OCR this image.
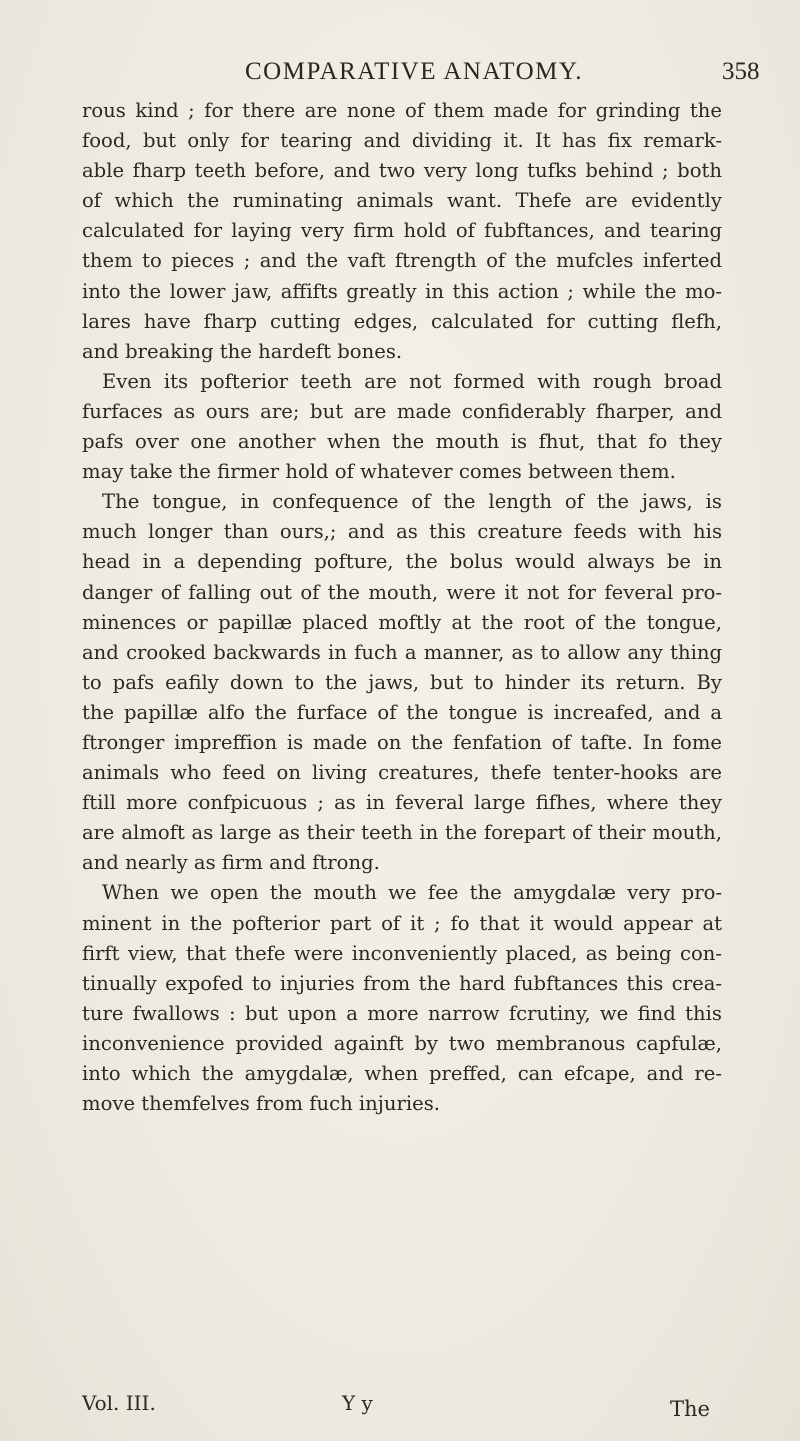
COMPARATIVE ANATOMY.	358
rous kind ; for there are none of them made for grinding the
food, but only for tearing and dividing it. It has fix remark-
able fharp teeth before, and two very long tufks behind ; both
of which the ruminating animals want. Thefe are evidently
calculated for laying very firm hold of fubftances, and tearing
them to pieces ; and the vaft ftrength of the mufcles inferted
into the lower jaw, affifts greatly in this action ; while the mo-
lares have fharp cutting edges, calculated for cutting flefh,
and breaking the hardeft bones.
Even its pofterior teeth are not formed with rough broad
furfaces as ours are; but are made confiderably fharper, and
pafs over one another when the mouth is fhut, that fo they
may take the firmer hold of whatever comes between them.
The tongue, in confequence of the length of the jaws, is
much longer than ours,; and as this creature feeds with his
head in a depending pofture, the bolus would always be in
danger of falling out of the mouth, were it not for feveral pro-
minences or papillæ placed moftly at the root of the tongue,
and crooked backwards in fuch a manner, as to allow any thing
to pafs eafily down to the jaws, but to hinder its return. By
the papillæ alfo the furface of the tongue is increafed, and a
ftronger impreffion is made on the fenfation of tafte. In fome
animals who feed on living creatures, thefe tenter-hooks are
ftill more confpicuous ; as in feveral large fifhes, where they
are almoft as large as their teeth in the forepart of their mouth,
and nearly as firm and ftrong.
When we open the mouth we fee the amygdalæ very pro-
minent in the pofterior part of it ; fo that it would appear at
firft view, that thefe were inconveniently placed, as being con-
tinually expofed to injuries from the hard fubftances this crea-
ture fwallows : but upon a more narrow fcrutiny, we find this
inconvenience provided againft by two membranous capfulæ,
into which the amygdalæ, when preffed, can efcape, and re-
move themfelves from fuch injuries.
Vol. III.	Y y	The
